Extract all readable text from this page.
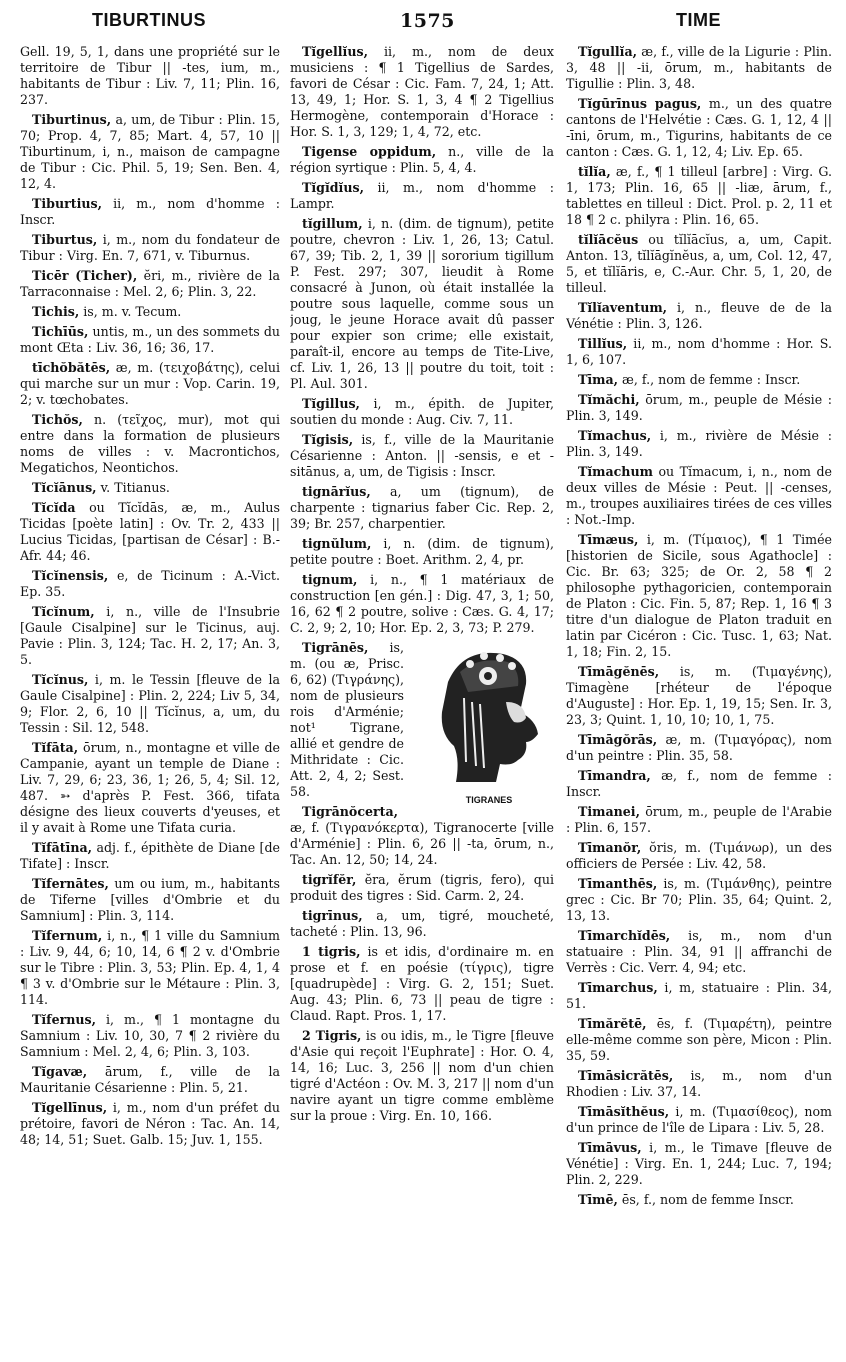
TIBURTINUS	1575	TIME

Gell. 19, 5, 1, dans une propriété sur le territoire de Tibur || -tes, ium, m., habitants de Tibur : Liv. 7, 11; Plin. 16, 237.

Tiburtinus, a, um, de Tibur : Plin. 15, 70; Prop. 4, 7, 85; Mart. 4, 57, 10 || Tiburtinum, i, n., maison de campagne de Tibur : Cic. Phil. 5, 19; Sen. Ben. 4, 12, 4.

Tiburtius, ii, m., nom d'homme : Inscr.

Tiburtus, i, m., nom du fondateur de Tibur : Virg. En. 7, 671, v. Tiburnus.

Ticēr (Ticher), ĕri, m., rivière de la Tarraconnaise : Mel. 2, 6; Plin. 3, 22.

Tichis, is, m. v. Tecum.

Tichīūs, untis, m., un des sommets du mont Œta : Liv. 36, 16; 36, 17.

tīchŏbătēs, æ, m. (τειχοβάτης), celui qui marche sur un mur : Vop. Carin. 19, 2; v. tœchobates.

Tichŏs, n. (τεῖχος, mur), mot qui entre dans la formation de plusieurs noms de villes : v. Macrontichos, Megatichos, Neontichos.

Tĭcĭānus, v. Titianus.

Tĭcĭda ou Tĭcĭdās, æ, m., Aulus Ticidas [poète latin] : Ov. Tr. 2, 433 || Lucius Ticidas, [partisan de César] : B.-Afr. 44; 46.

Tĭcĭnensis, e, de Ticinum : A.-Vict. Ep. 35.

Tĭcĭnum, i, n., ville de l'Insubrie [Gaule Cisalpine] sur le Ticinus, auj. Pavie : Plin. 3, 124; Tac. H. 2, 17; An. 3, 5.

Tĭcĭnus, i, m. le Tessin [fleuve de la Gaule Cisalpine] : Plin. 2, 224; Liv 5, 34, 9; Flor. 2, 6, 10 || Tĭcĭnus, a, um, du Tessin : Sil. 12, 548.

Tĭfāta, ōrum, n., montagne et ville de Campanie, ayant un temple de Diane : Liv. 7, 29, 6; 23, 36, 1; 26, 5, 4; Sil. 12, 487. ➳ d'après P. Fest. 366, tifata désigne des lieux couverts d'yeuses, et il y avait à Rome une Tifata curia.

Tĭfātīna, adj. f., épithète de Diane [de Tifate] : Inscr.

Tĭfernātes, um ou ium, m., habitants de Tiferne [villes d'Ombrie et du Samnium] : Plin. 3, 114.

Tĭfernum, i, n., ¶ 1 ville du Samnium : Liv. 9, 44, 6; 10, 14, 6 ¶ 2 v. d'Ombrie sur le Tibre : Plin. 3, 53; Plin. Ep. 4, 1, 4 ¶ 3 v. d'Ombrie sur le Métaure : Plin. 3, 114.

Tĭfernus, i, m., ¶ 1 montagne du Samnium : Liv. 10, 30, 7 ¶ 2 rivière du Samnium : Mel. 2, 4, 6; Plin. 3, 103.

Tĭgavæ, ārum, f., ville de la Mauritanie Césarienne : Plin. 5, 21.

Tĭgellīnus, i, m., nom d'un préfet du prétoire, favori de Néron : Tac. An. 14, 48; 14, 51; Suet. Galb. 15; Juv. 1, 155.

Tĭgellĭus, ii, m., nom de deux musiciens : ¶ 1 Tigellius de Sardes, favori de César : Cic. Fam. 7, 24, 1; Att. 13, 49, 1; Hor. S. 1, 3, 4 ¶ 2 Tigellius Hermogène, contemporain d'Horace : Hor. S. 1, 3, 129; 1, 4, 72, etc.

Tigense oppidum, n., ville de la région syrtique : Plin. 5, 4, 4.

Tĭgĭdĭus, ii, m., nom d'homme : Lampr.

tĭgillum, i, n. (dim. de tignum), petite poutre, chevron : Liv. 1, 26, 13; Catul. 67, 39; Tib. 2, 1, 39 || sororium tigillum P. Fest. 297; 307, lieudit à Rome consacré à Junon, où était installée la poutre sous laquelle, comme sous un joug, le jeune Horace avait dû passer pour expier son crime; elle existait, paraît-il, encore au temps de Tite-Live, cf. Liv. 1, 26, 13 || poutre du toit, toit : Pl. Aul. 301.

Tĭgillus, i, m., épith. de Jupiter, soutien du monde : Aug. Civ. 7, 11.

Tĭgisis, is, f., ville de la Mauritanie Césarienne : Anton. || -sensis, e et -sitānus, a, um, de Tigisis : Inscr.

tignārĭus, a, um (tignum), de charpente : tignarius faber Cic. Rep. 2, 39; Br. 257, charpentier.

tignŭlum, i, n. (dim. de tignum), petite poutre : Boet. Arithm. 2, 4, pr.

tignum, i, n., ¶ 1 matériaux de construction [en gén.] : Dig. 47, 3, 1; 50, 16, 62 ¶ 2 poutre, solive : Cæs. G. 4, 17; C. 2, 9; 2, 10; Hor. Ep. 2, 3, 73; P. 279.

TIGRANES
Tigrānēs, is, m. (ou æ, Prisc. 6, 62) (Τιγράνης), nom de plusieurs rois d'Arménie; not¹ Tigrane, allié et gendre de Mithridate : Cic. Att. 2, 4, 2; Sest. 58.

Tigrānŏcerta, æ, f. (Τιγρανόκερτα), Tigranocerte [ville d'Arménie] : Plin. 6, 26 || -ta, ōrum, n., Tac. An. 12, 50; 14, 24.

tigrĭfĕr, ĕra, ĕrum (tigris, fero), qui produit des tigres : Sid. Carm. 2, 24.

tigrīnus, a, um, tigré, moucheté, tacheté : Plin. 13, 96.

1 tigris, is et idis, d'ordinaire m. en prose et f. en poésie (τίγρις), tigre [quadrupède] : Virg. G. 2, 151; Suet. Aug. 43; Plin. 6, 73 || peau de tigre : Claud. Rapt. Pros. 1, 17.

2 Tigris, is ou idis, m., le Tigre [fleuve d'Asie qui reçoit l'Euphrate] : Hor. O. 4, 14, 16; Luc. 3, 256 || nom d'un chien tigré d'Actéon : Ov. M. 3, 217 || nom d'un navire ayant un tigre comme emblème sur la proue : Virg. En. 10, 166.

Tĭgullĭa, æ, f., ville de la Ligurie : Plin. 3, 48 || -ii, ōrum, m., habitants de Tigullie : Plin. 3, 48.

Tĭgūrīnus pagus, m., un des quatre cantons de l'Helvétie : Cæs. G. 1, 12, 4 || -īni, ōrum, m., Tigurins, habitants de ce canton : Cæs. G. 1, 12, 4; Liv. Ep. 65.

tĭlĭa, æ, f., ¶ 1 tilleul [arbre] : Virg. G. 1, 173; Plin. 16, 65 || -liæ, ārum, f., tablettes en tilleul : Dict. Prol. p. 2, 11 et 18 ¶ 2 c. philyra : Plin. 16, 65.

tĭlĭācĕus ou tĭlĭācĭus, a, um, Capit. Anton. 13, tĭlĭāgĭnĕus, a, um, Col. 12, 47, 5, et tĭlĭāris, e, C.-Aur. Chr. 5, 1, 20, de tilleul.

Tĭlĭaventum, i, n., fleuve de de la Vénétie : Plin. 3, 126.

Tillĭus, ii, m., nom d'homme : Hor. S. 1, 6, 107.

Tīma, æ, f., nom de femme : Inscr.

Tĭmăchi, ōrum, m., peuple de Mésie : Plin. 3, 149.

Tĭmachus, i, m., rivière de Mésie : Plin. 3, 149.

Tĭmachum ou Tĭmacum, i, n., nom de deux villes de Mésie : Peut. || -censes, m., troupes auxiliaires tirées de ces villes : Not.-Imp.

Tīmæus, i, m. (Τίμαιος), ¶ 1 Timée [historien de Sicile, sous Agathocle] : Cic. Br. 63; 325; de Or. 2, 58 ¶ 2 philosophe pythagoricien, contemporain de Platon : Cic. Fin. 5, 87; Rep. 1, 16 ¶ 3 titre d'un dialogue de Platon traduit en latin par Cicéron : Cic. Tusc. 1, 63; Nat. 1, 18; Fin. 2, 15.

Tīmāgĕnēs, is, m. (Τιμαγένης), Timagène [rhéteur de l'époque d'Auguste] : Hor. Ep. 1, 19, 15; Sen. Ir. 3, 23, 3; Quint. 1, 10, 10; 10, 1, 75.

Tīmāgŏrās, æ, m. (Τιμαγόρας), nom d'un peintre : Plin. 35, 58.

Tīmandra, æ, f., nom de femme : Inscr.

Timanei, ōrum, m., peuple de l'Arabie : Plin. 6, 157.

Tīmanŏr, ŏris, m. (Τιμάνωρ), un des officiers de Persée : Liv. 42, 58.

Tīmanthēs, is, m. (Τιμάνθης), peintre grec : Cic. Br 70; Plin. 35, 64; Quint. 2, 13, 13.

Tīmarchĭdēs, is, m., nom d'un statuaire : Plin. 34, 91 || affranchi de Verrès : Cic. Verr. 4, 94; etc.

Tīmarchus, i, m, statuaire : Plin. 34, 51.

Tīmărĕtē, ēs, f. (Τιμαρέτη), peintre elle-même comme son père, Micon : Plin. 35, 59.

Tīmāsicrătēs, is, m., nom d'un Rhodien : Liv. 37, 14.

Tīmāsĭthĕus, i, m. (Τιμασίθεος), nom d'un prince de l'île de Lipara : Liv. 5, 28.

Tīmāvus, i, m., le Timave [fleuve de Vénétie] : Virg. En. 1, 244; Luc. 7, 194; Plin. 2, 229.

Tīmē, ēs, f., nom de femme Inscr.
